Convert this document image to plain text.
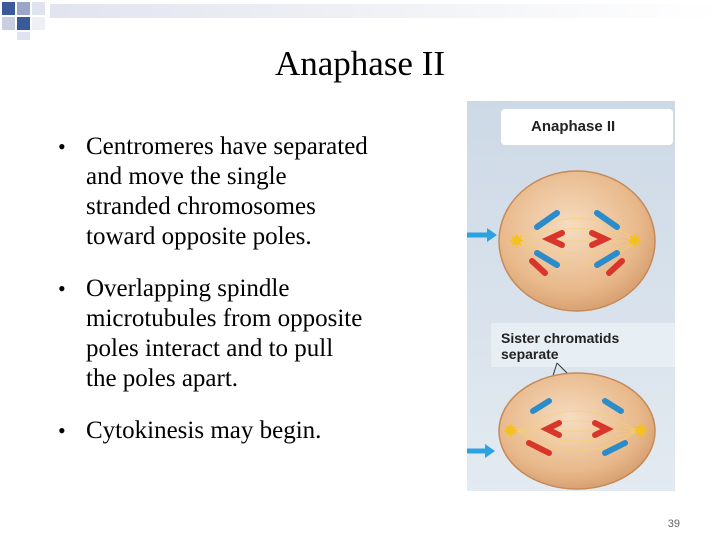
Anaphase II
• Centromeres have separated
and move the single
stranded chromosomes
toward opposite poles.
• Overlapping spindle
microtubules from opposite
poles interact and to pull
the poles apart.
• Cytokinesis may begin.
Anaphase II
✸	✸
Sister chromatids
separate
✸	✸
39
